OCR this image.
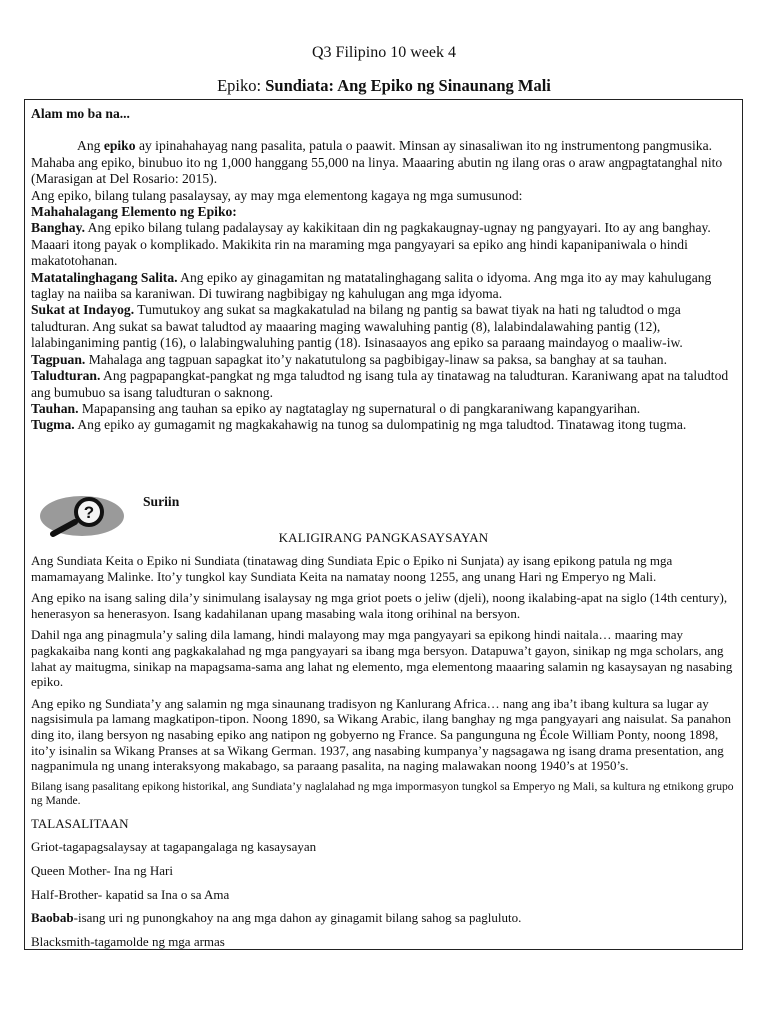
Q3 Filipino 10 week 4
Epiko: Sundiata: Ang Epiko ng Sinaunang Mali

Alam mo ba na...

Ang epiko ay ipinahahayag nang pasalita, patula o paawit. Minsan ay sinasaliwan ito ng instrumentong pangmusika. Mahaba ang epiko, binubuo ito ng 1,000 hanggang 55,000 na linya. Maaaring abutin ng ilang oras o araw angpagtatanghal nito (Marasigan at Del Rosario: 2015).

Ang epiko, bilang tulang pasalaysay, ay may mga elementong kagaya ng mga sumusunod:

Mahahalagang Elemento ng Epiko:

Banghay. Ang epiko bilang tulang padalaysay ay kakikitaan din ng pagkakaugnay-ugnay ng pangyayari. Ito ay ang banghay. Maaari itong payak o komplikado. Makikita rin na maraming mga pangyayari sa epiko ang hindi kapanipaniwala o hindi makatotohanan.

Matatalinghagang Salita. Ang epiko ay ginagamitan ng matatalinghagang salita o idyoma. Ang mga ito ay may kahulugang taglay na naiiba sa karaniwan. Di tuwirang nagbibigay ng kahulugan ang mga idyoma.

Sukat at Indayog. Tumutukoy ang sukat sa magkakatulad na bilang ng pantig sa bawat tiyak na hati ng taludtod o mga taludturan. Ang sukat sa bawat taludtod ay maaaring maging wawaluhing pantig (8), lalabindalawahing pantig (12), lalabinganiming pantig (16), o lalabingwaluhing pantig (18). Isinasaayos ang epiko sa paraang maindayog o maaliw-iw.

Tagpuan. Mahalaga ang tagpuan sapagkat ito’y nakatutulong sa pagbibigay-linaw sa paksa, sa banghay at sa tauhan.

Taludturan. Ang pagpapangkat-pangkat ng mga taludtod ng isang tula ay tinatawag na taludturan. Karaniwang apat na taludtod ang bumubuo sa isang taludturan o saknong.

Tauhan. Mapapansing ang tauhan sa epiko ay nagtataglay ng supernatural o di pangkaraniwang kapangyarihan.

Tugma. Ang epiko ay gumagamit ng magkakahawig na tunog sa dulompatinig ng mga taludtod. Tinatawag itong tugma.

?
Suriin
KALIGIRANG PANGKASAYSAYAN

Ang Sundiata Keita o Epiko ni Sundiata (tinatawag ding Sundiata Epic o Epiko ni Sunjata) ay isang epikong patula ng mga mamamayang Malinke. Ito’y tungkol kay Sundiata Keita na namatay noong 1255, ang unang Hari ng Emperyo ng Mali.

Ang epiko na isang saling dila’y sinimulang isalaysay ng mga griot poets o jeliw (djeli), noong ikalabing-apat na siglo (14th century), henerasyon sa henerasyon. Isang kadahilanan upang masabing wala itong orihinal na bersyon.

Dahil nga ang pinagmula’y saling dila lamang, hindi malayong may mga pangyayari sa epikong hindi naitala… maaring may pagkakaiba nang konti ang pagkakalahad ng mga pangyayari sa ibang mga bersyon. Datapuwa’t gayon, sinikap ng mga scholars, ang lahat ay maitugma, sinikap na mapagsama-sama ang lahat ng elemento, mga elementong maaaring salamin ng kasaysayan ng nasabing epiko.

Ang epiko ng Sundiata’y ang salamin ng mga sinaunang tradisyon ng Kanlurang Africa… nang ang iba’t ibang kultura sa lugar ay nagsisimula pa lamang magkatipon-tipon. Noong 1890, sa Wikang Arabic, ilang banghay ng mga pangyayari ang naisulat. Sa panahon ding ito, ilang bersyon ng nasabing epiko ang natipon ng gobyerno ng France. Sa pangunguna ng École William Ponty, noong 1898, ito’y isinalin sa Wikang Pranses at sa Wikang German. 1937, ang nasabing kumpanya’y nagsagawa ng isang drama presentation, ang nagpanimula ng unang interaksyong makabago, sa paraang pasalita, na naging malawakan noong 1940’s at 1950’s.

Bilang isang pasalitang epikong historikal, ang Sundiata’y naglalahad ng mga impormasyon tungkol sa Emperyo ng Mali, sa kultura ng etnikong grupo ng Mande.

TALASALITAAN

Griot-tagapagsalaysay at tagapangalaga ng kasaysayan

Queen Mother- Ina ng Hari

Half-Brother- kapatid sa Ina o sa Ama

Baobab-isang uri ng punongkahoy na ang mga dahon ay ginagamit bilang sahog sa pagluluto.

Blacksmith-tagamolde ng mga armas
